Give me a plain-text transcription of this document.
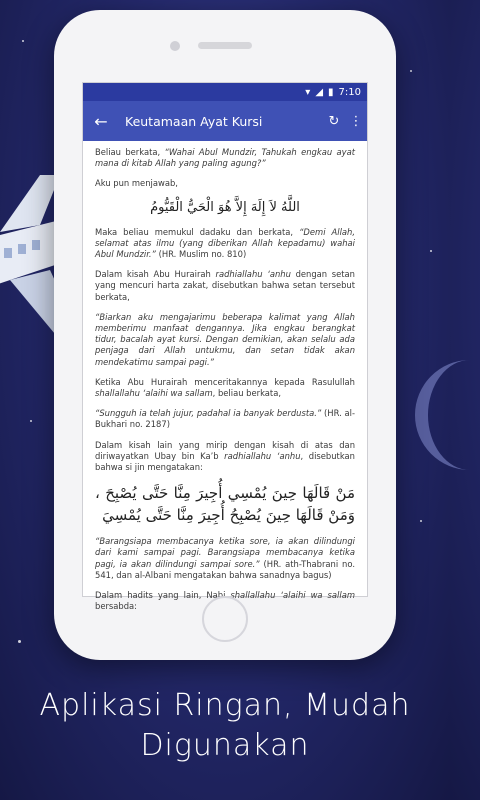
▾ ◢ ▮ 7:10
←	Keutamaan Ayat Kursi	↻ ⋮

Beliau berkata, “Wahai Abul Mundzir, Tahukah engkau ayat mana di kitab Allah yang paling agung?”

Aku pun menjawab,

اللَّهُ لاَ إِلَهَ إِلاَّ هُوَ الْحَيُّ الْقَيُّومُ

Maka beliau memukul dadaku dan berkata, “Demi Allah, selamat atas ilmu (yang diberikan Allah kepadamu) wahai Abul Mundzir.” (HR. Muslim no. 810)

Dalam kisah Abu Hurairah radhiallahu ‘anhu dengan setan yang mencuri harta zakat, disebutkan bahwa setan tersebut berkata,

“Biarkan aku mengajarimu beberapa kalimat yang Allah memberimu manfaat dengannya. Jika engkau berangkat tidur, bacalah ayat kursi. Dengan demikian, akan selalu ada penjaga dari Allah untukmu, dan setan tidak akan mendekatimu sampai pagi.”

Ketika Abu Hurairah menceritakannya kepada Rasulullah shallallahu ‘alaihi wa sallam, beliau berkata,

“Sungguh ia telah jujur, padahal ia banyak berdusta.” (HR. al-Bukhari no. 2187)

Dalam kisah lain yang mirip dengan kisah di atas dan diriwayatkan Ubay bin Ka’b radhiallahu ‘anhu, disebutkan bahwa si jin mengatakan:

مَنْ قَالَهَا حِينَ يُمْسِي أُجِيرَ مِنَّا حَتَّى يُصْبِحَ ، وَمَنْ قَالَهَا حِينَ يُصْبِحُ أُجِيرَ مِنَّا حَتَّى يُمْسِيَ

“Barangsiapa membacanya ketika sore, ia akan dilindungi dari kami sampai pagi. Barangsiapa membacanya ketika pagi, ia akan dilindungi sampai sore.” (HR. ath-Thabrani no. 541, dan al-Albani mengatakan bahwa sanadnya bagus)

Dalam hadits yang lain, Nabi shallallahu ‘alaihi wa sallam bersabda:

Aplikasi Ringan, Mudah
Digunakan
